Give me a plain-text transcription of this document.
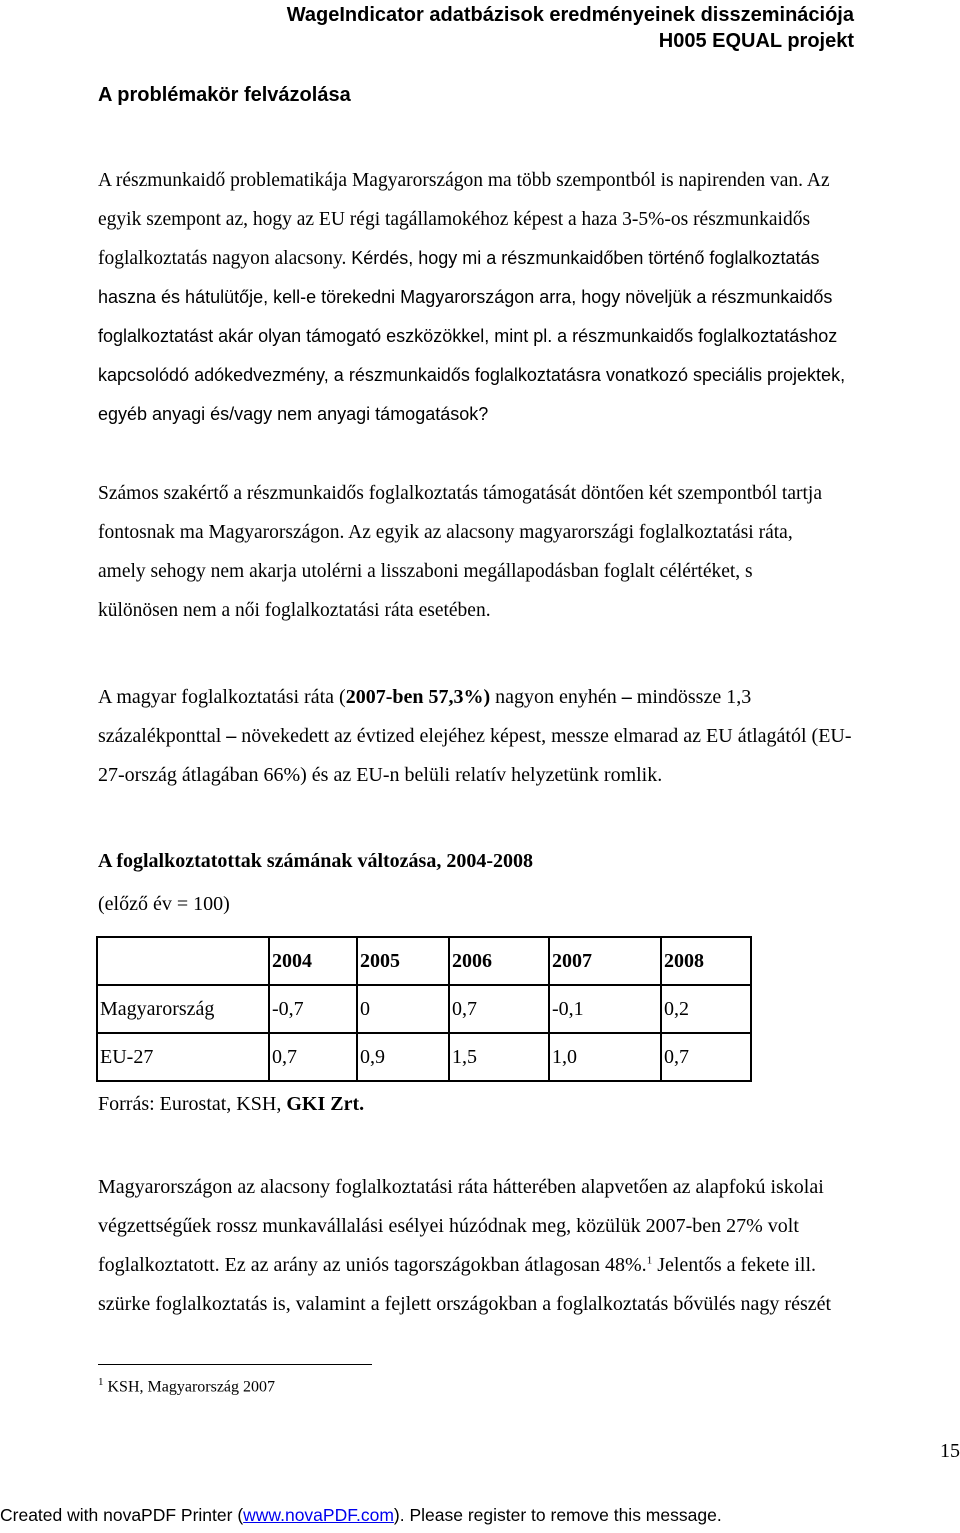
WageIndicator adatbázisok eredményeinek disszeminációja
H005 EQUAL projekt
A problémakör felvázolása
A részmunkaidő problematikája Magyarországon ma több szempontból is napirenden van. Az
egyik szempont az, hogy az EU régi tagállamokéhoz képest a haza 3-5%-os részmunkaidős
foglalkoztatás nagyon alacsony. Kérdés, hogy mi a részmunkaidőben történő foglalkoztatás
haszna és hátulütője, kell-e törekedni Magyarországon arra, hogy növeljük a részmunkaidős
foglalkoztatást akár olyan támogató eszközökkel, mint pl. a részmunkaidős foglalkoztatáshoz
kapcsolódó adókedvezmény, a részmunkaidős foglalkoztatásra vonatkozó speciális projektek,
egyéb anyagi és/vagy nem anyagi támogatások?
Számos szakértő a részmunkaidős foglalkoztatás támogatását döntően két szempontból tartja
fontosnak ma Magyarországon. Az egyik az alacsony magyarországi foglalkoztatási ráta,
amely sehogy nem akarja utolérni a lisszaboni megállapodásban foglalt célértéket, s
különösen nem a női foglalkoztatási ráta esetében.
A magyar foglalkoztatási ráta (2007-ben 57,3%) nagyon enyhén – mindössze 1,3
százalékponttal – növekedett az évtized elejéhez képest, messze elmarad az EU átlagától (EU-
27-ország átlagában 66%) és az EU-n belüli relatív helyzetünk romlik.
A foglalkoztatottak számának változása, 2004-2008
(előző év = 100)
	2004	2005	2006	2007	2008
Magyarország	-0,7	0	0,7	-0,1	0,2
EU-27	0,7	0,9	1,5	1,0	0,7
Forrás: Eurostat, KSH, GKI Zrt.
Magyarországon az alacsony foglalkoztatási ráta hátterében alapvetően az alapfokú iskolai
végzettségűek rossz munkavállalási esélyei húzódnak meg, közülük 2007-ben 27% volt
foglalkoztatott. Ez az arány az uniós tagországokban átlagosan 48%.$^1$ Jelentős a fekete ill.
szürke foglalkoztatás is, valamint a fejlett országokban a foglalkoztatás bővülés nagy részét
$^1$ KSH, Magyarország 2007
15
Created with novaPDF Printer (www.novaPDF.com). Please register to remove this message.
